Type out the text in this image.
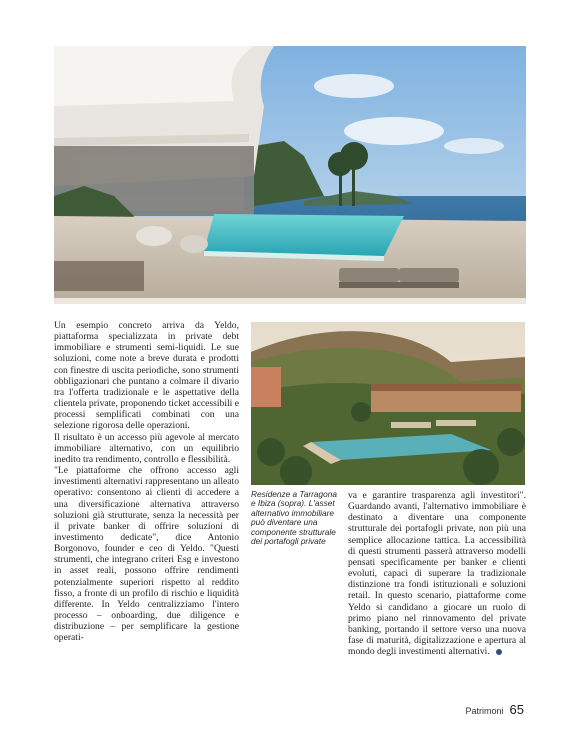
Un esempio concreto arriva da Yeldo, piattaforma specializzata in private debt immobiliare e strumenti semi-liquidi. Le sue soluzioni, come note a breve durata e prodotti con finestre di uscita periodiche, sono strumenti obbligazionari che puntano a colmare il divario tra l'offerta tradizionale e le aspettative della clientela private, proponendo ticket accessibili e processi semplificati combinati con una selezione rigorosa delle operazioni.

Il risultato è un accesso più agevole al mercato immobiliare alternativo, con un equilibrio inedito tra rendimento, controllo e flessibilità.

"Le piattaforme che offrono accesso agli investimenti alternativi rappresentano un alleato operativo: consentono ai clienti di accedere a una diversificazione alternativa attraverso soluzioni già strutturate, senza la necessità per il private banker di offrire soluzioni di investimento dedicate", dice Antonio Borgonovo, founder e ceo di Yeldo. "Questi strumenti, che integrano criteri Esg e investono in asset reali, possono offrire rendimenti potenzialmente superiori rispetto al reddito fisso, a fronte di un profilo di rischio e liquidità differente. In Yeldo centralizziamo l'intero processo – onboarding, due diligence e distribuzione – per semplificare la gestione operati-

Residenze a Tarragona e Ibiza (sopra). L'asset alternativo immobiliare può diventare una componente strutturale dei portafogli private

va e garantire trasparenza agli investitori". Guardando avanti, l'alternativo immobiliare è destinato a diventare una componente strutturale dei portafogli private, non più una semplice allocazione tattica. La accessibilità di questi strumenti passerà attraverso modelli pensati specificamente per banker e clienti evoluti, capaci di superare la tradizionale distinzione tra fondi istituzionali e soluzioni retail. In questo scenario, piattaforme come Yeldo si candidano a giocare un ruolo di primo piano nel rinnovamento del private banking, portando il settore verso una nuova fase di maturità, digitalizzazione e apertura al mondo degli investimenti alternativi.

Patrimoni 65
